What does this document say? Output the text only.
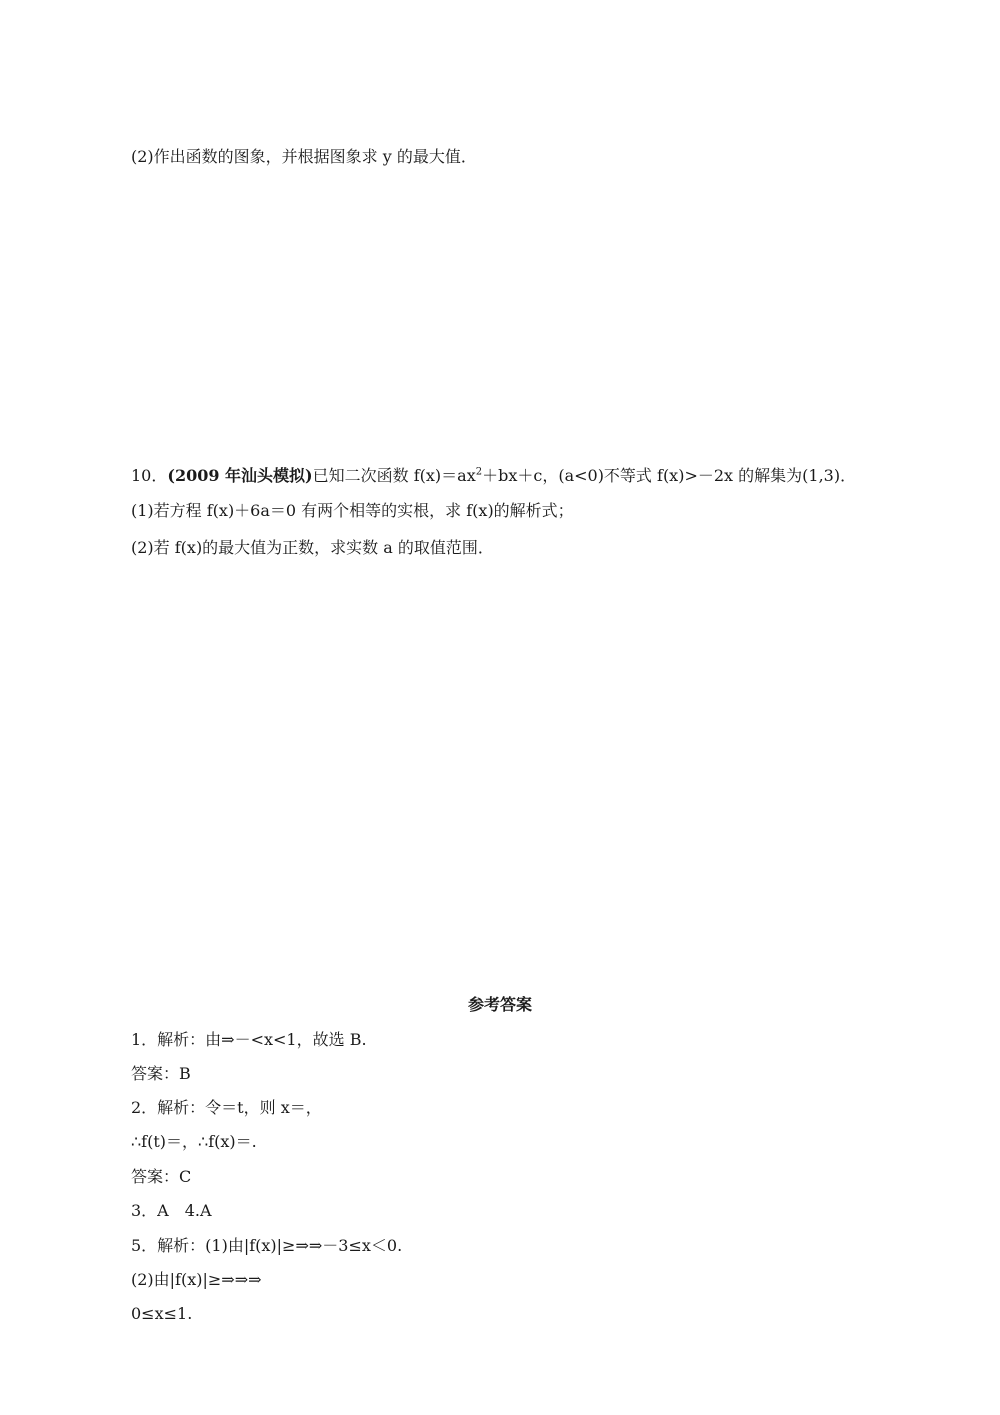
(2)作出函数的图象，并根据图象求 y 的最大值．
10．(2009 年汕头模拟)已知二次函数 $f(x)=ax^2+bx+c$，(a<0)不等式 f(x)>－2x 的解集为(1,3)．
(1)若方程 f(x)＋6a＝0 有两个相等的实根，求 f(x)的解析式；
(2)若 f(x)的最大值为正数，求实数 a 的取值范围．
参考答案
1．解析：由⇒－<x<1，故选 B.
答案：B
2．解析：令＝t，则 x＝，
∴f(t)＝，∴f(x)＝.
答案：C
3．A　4.A
5．解析：(1)由|f(x)|≥⇒⇒－3≤x＜0.
(2)由|f(x)|≥⇒⇒⇒
0≤x≤1.
